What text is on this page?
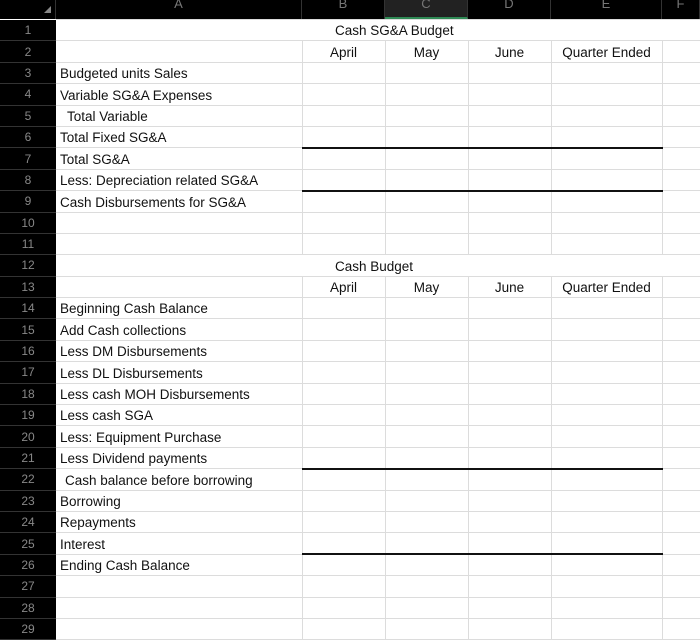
A	B	C	D	E	F
1	Cash SG&A Budget					
2		April	May	June	Quarter Ended	
3	Budgeted units Sales					
4	Variable SG&A Expenses					
5	Total Variable					
6	Total Fixed SG&A					
7	Total SG&A					
8	Less: Depreciation related SG&A					
9	Cash Disbursements for SG&A					
10						
11						
12	Cash Budget					
13		April	May	June	Quarter Ended	
14	Beginning Cash Balance					
15	Add Cash collections					
16	Less DM Disbursements					
17	Less DL Disbursements					
18	Less cash MOH Disbursements					
19	Less cash SGA					
20	Less: Equipment Purchase					
21	Less Dividend payments					
22	Cash balance before borrowing					
23	Borrowing					
24	Repayments					
25	Interest					
26	Ending Cash Balance					
27						
28						
29						
